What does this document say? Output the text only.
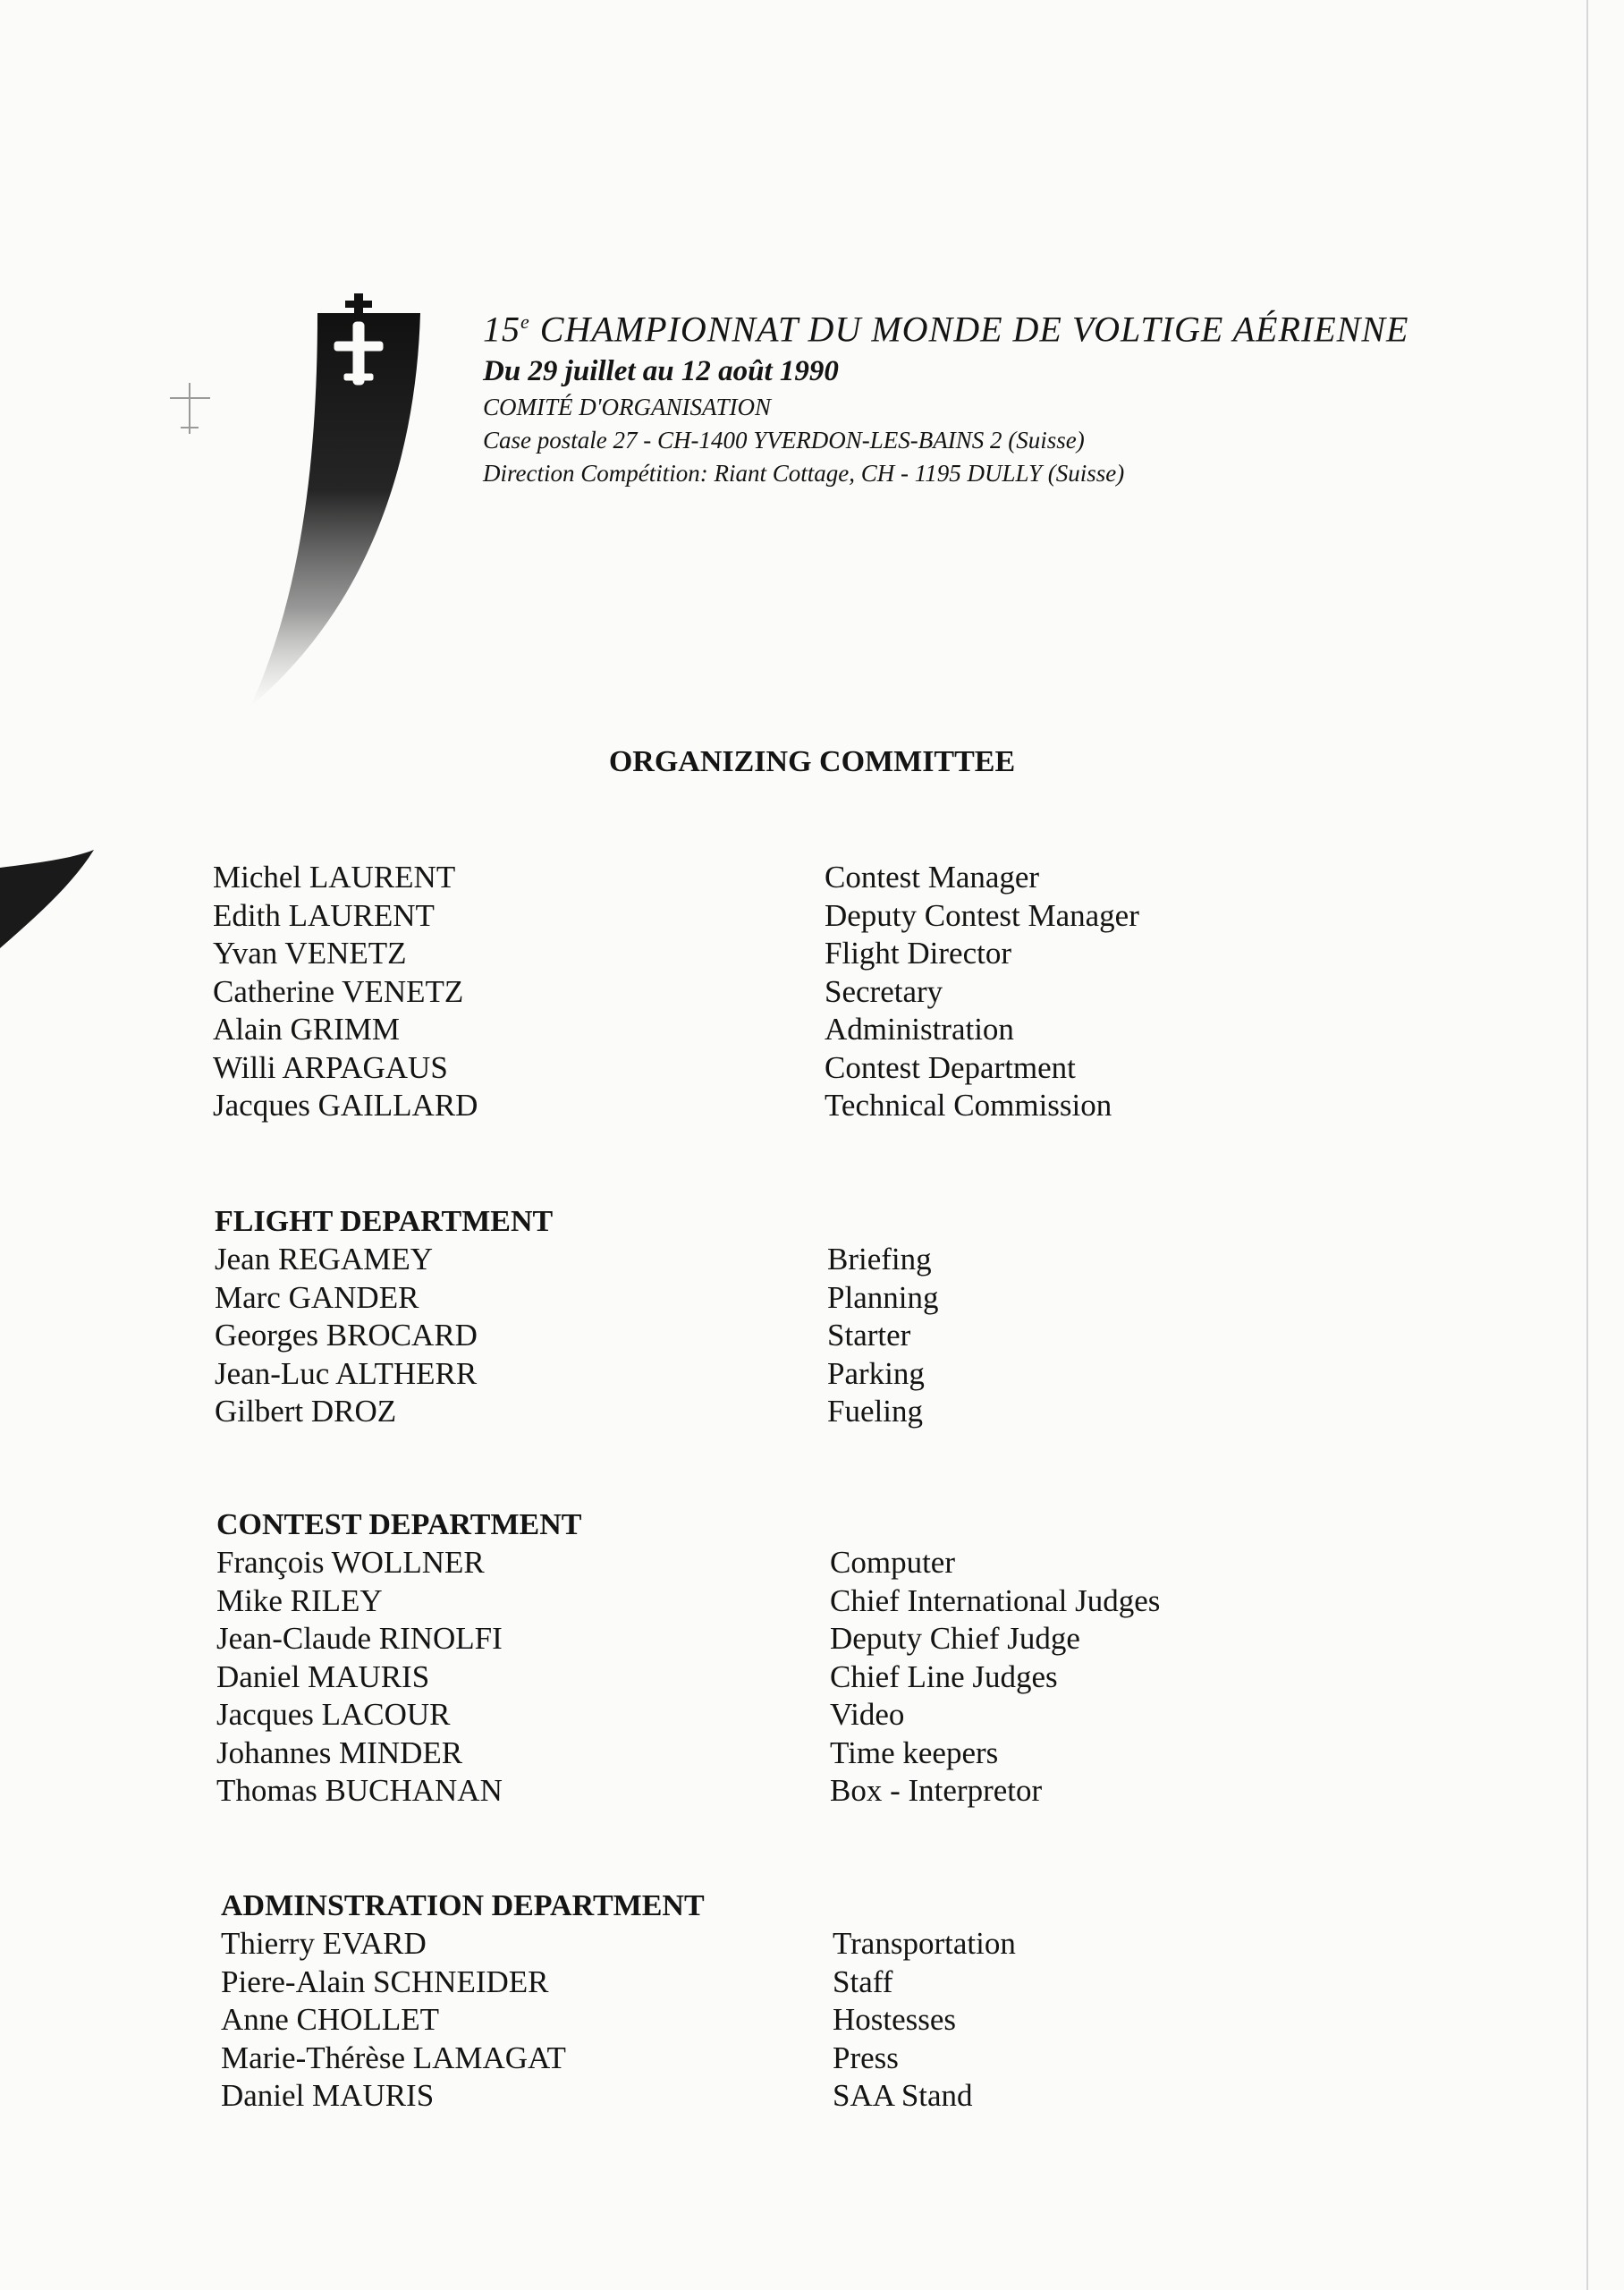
15e CHAMPIONNAT DU MONDE DE VOLTIGE AÉRIENNE
Du 29 juillet au 12 août 1990
COMITÉ D'ORGANISATION
Case postale 27 - CH-1400 YVERDON-LES-BAINS 2 (Suisse)
Direction Compétition: Riant Cottage, CH - 1195 DULLY (Suisse)
ORGANIZING COMMITTEE
Michel LAURENT	Contest Manager
Edith LAURENT	Deputy Contest Manager
Yvan VENETZ	Flight Director
Catherine VENETZ	Secretary
Alain GRIMM	Administration
Willi ARPAGAUS	Contest Department
Jacques GAILLARD	Technical Commission
FLIGHT DEPARTMENT
Jean REGAMEY	Briefing
Marc GANDER	Planning
Georges BROCARD	Starter
Jean-Luc ALTHERR	Parking
Gilbert DROZ	Fueling
CONTEST DEPARTMENT
François WOLLNER	Computer
Mike RILEY	Chief International Judges
Jean-Claude RINOLFI	Deputy Chief Judge
Daniel MAURIS	Chief Line Judges
Jacques LACOUR	Video
Johannes MINDER	Time keepers
Thomas BUCHANAN	Box - Interpretor
ADMINSTRATION DEPARTMENT
Thierry EVARD	Transportation
Piere-Alain SCHNEIDER	Staff
Anne CHOLLET	Hostesses
Marie-Thérèse LAMAGAT	Press
Daniel MAURIS	SAA Stand
